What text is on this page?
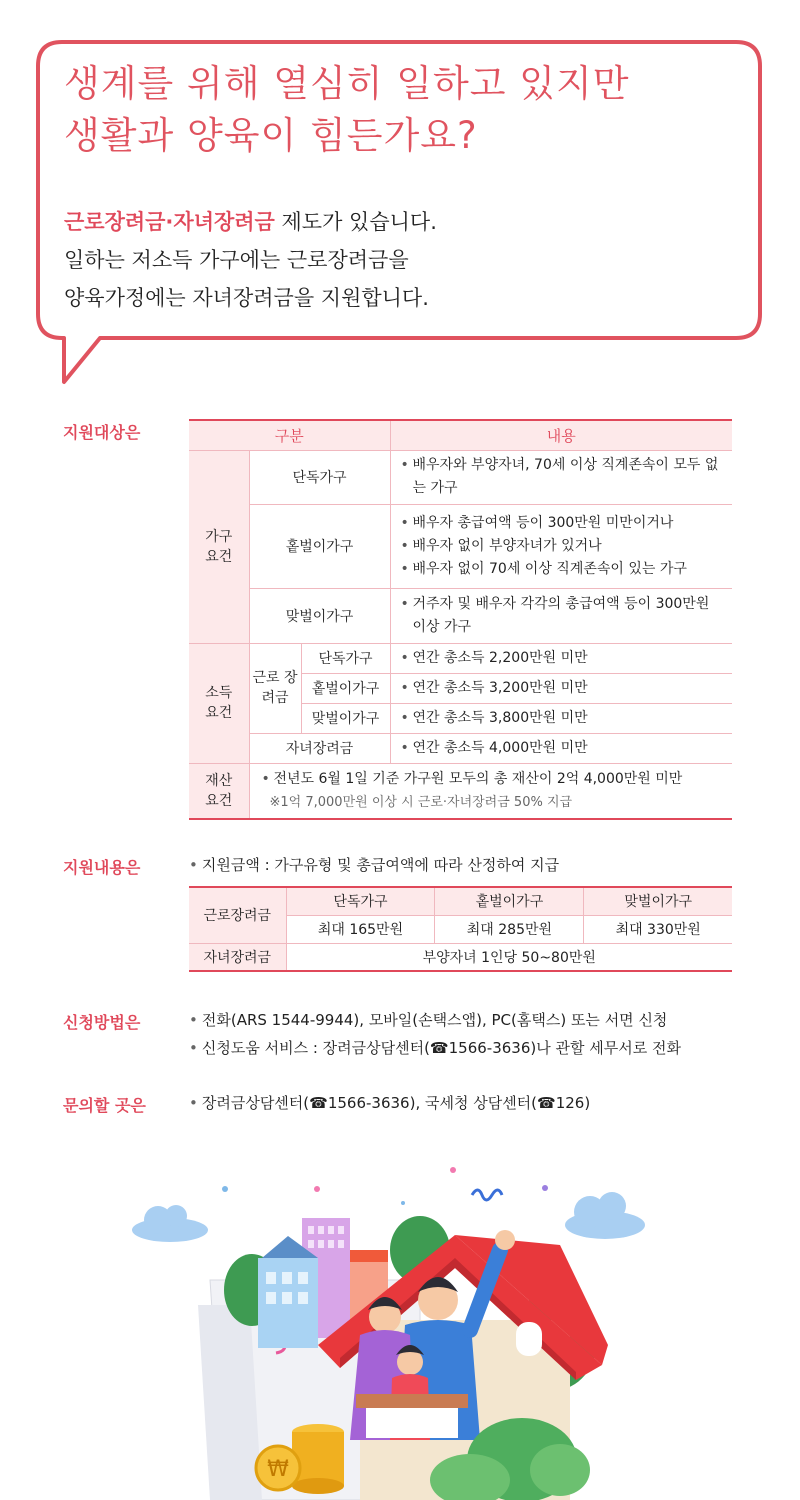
생계를 위해 열심히 일하고 있지만
생활과 양육이 힘든가요?
근로장려금·자녀장려금 제도가 있습니다.
일하는 저소득 가구에는 근로장려금을
양육가정에는 자녀장려금을 지원합니다.
지원대상은	구분			내용
가구 요건	단독가구		• 배우자와 부양자녀, 70세 이상 직계존속이 모두 없는 가구

	홑벌이가구		• 배우자 총급여액 등이 300만원 미만이거나
• 배우자 없이 부양자녀가 있거나
• 배우자 없이 70세 이상 직계존속이 있는 가구

	맞벌이가구		• 거주자 및 배우자 각각의 총급여액 등이 300만원 이상 가구

소득 요건	근로 장려금	단독가구	• 연간 총소득 2,200만원 미만

		홑벌이가구	• 연간 총소득 3,200만원 미만

		맞벌이가구	• 연간 총소득 3,800만원 미만

	자녀장려금		• 연간 총소득 4,000만원 미만

재산 요건	• 전년도 6월 1일 기준 가구원 모두의 총 재산이 2억 4,000만원 미만
※1억 7,000만원 이상 시 근로·자녀장려금 50% 지급
지원내용은	• 지원금액 : 가구유형 및 총급여액에 따라 산정하여 지급
근로장려금	단독가구	홑벌이가구	맞벌이가구
	최대 165만원	최대 285만원	최대 330만원
자녀장려금	부양자녀 1인당 50~80만원		
신청방법은	• 전화(ARS 1544-9944), 모바일(손택스앱), PC(홈택스) 또는 서면 신청
• 신청도움 서비스 : 장려금상담센터(☎1566-3636)나 관할 세무서로 전화
문의할 곳은	• 장려금상담센터(☎1566-3636), 국세청 상담센터(☎126)
₩
